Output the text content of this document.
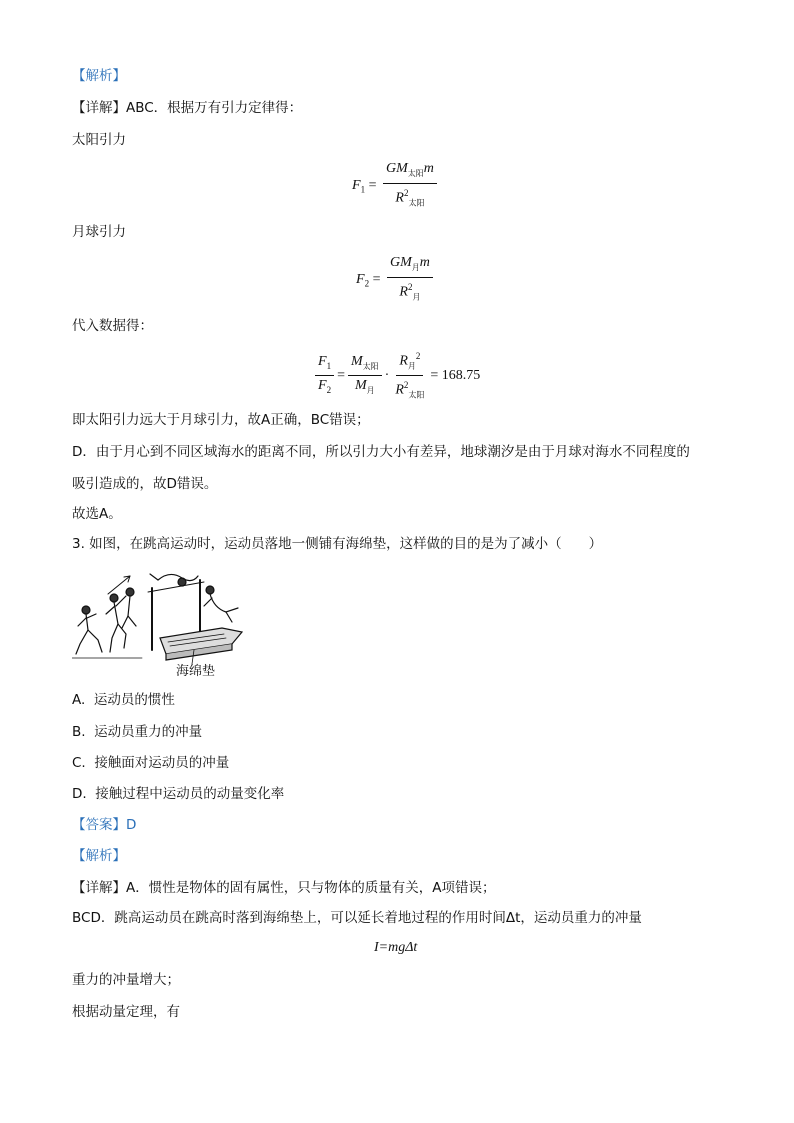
【解析】
【详解】ABC．根据万有引力定律得：
太阳引力
$F_1 = \frac{GM_{太阳}m}{R^2_{太阳}}$
月球引力
$F_2 = \frac{GM_月m}{R^2_月}$
代入数据得：
$\frac{F_1}{F_2} = \frac{M_{太阳}}{M_月} \cdot \frac{R_月^2}{R^2_{太阳}} = 168.75$
即太阳引力远大于月球引力，故A正确，BC错误；
D．由于月心到不同区域海水的距离不同，所以引力大小有差异，地球潮汐是由于月球对海水不同程度的
吸引造成的，故D错误。
故选A。
3. 如图，在跳高运动时，运动员落地一侧铺有海绵垫，这样做的目的是为了减小（　　）
海绵垫
A. 运动员的惯性
B. 运动员重力的冲量
C. 接触面对运动员的冲量
D. 接触过程中运动员的动量变化率
【答案】D
【解析】
【详解】A．惯性是物体的固有属性，只与物体的质量有关，A项错误；
BCD．跳高运动员在跳高时落到海绵垫上，可以延长着地过程的作用时间Δt，运动员重力的冲量
I=mgΔt
重力的冲量增大；
根据动量定理，有
